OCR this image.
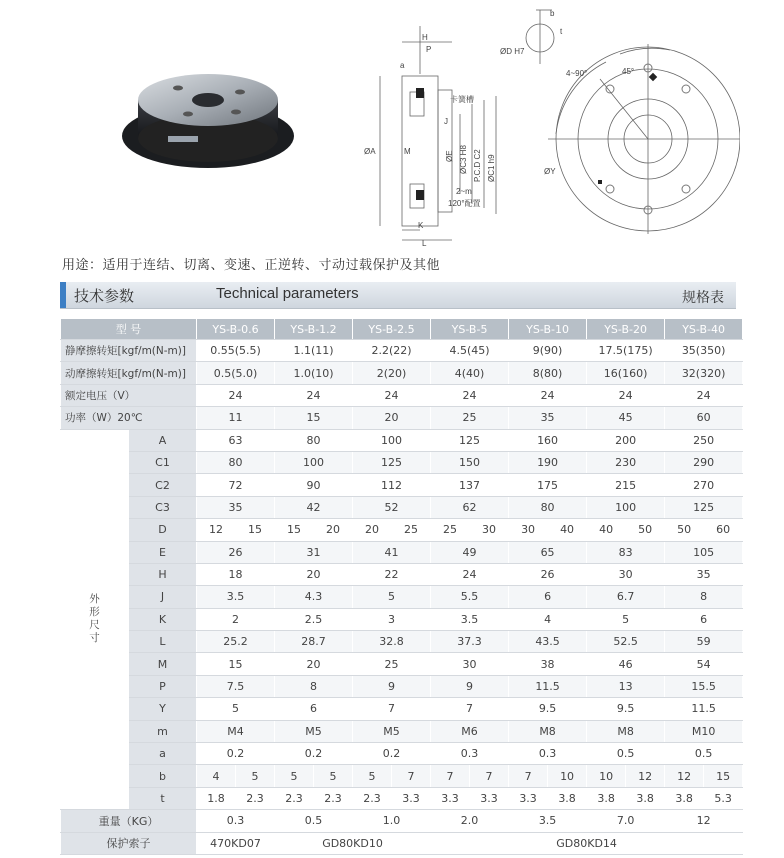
b
t
ØD H7
H
P
a
4~90°	45°
卡簧槽
J
ØA	ØE ØC3 H8 P.C.D C2 ØC1 h9
M
ØY
2~m
120°配置
K
L
用途：适用于连结、切离、变速、正逆转、寸动过载保护及其他
技术参数	Technical parameters	规格表
型 号		YS-B-0.6		YS-B-1.2		YS-B-2.5		YS-B-5		YS-B-10		YS-B-20		YS-B-40	
静摩擦转矩[kgf/m(N-m)]		0.55(5.5)		1.1(11)		2.2(22)		4.5(45)		9(90)		17.5(175)		35(350)	
动摩擦转矩[kgf/m(N-m)]		0.5(5.0)		1.0(10)		2(20)		4(40)		8(80)		16(160)		32(320)	
额定电压（V）		24		24		24		24		24		24		24	
功率（W）20℃		11		15		20		25		35		45		60	

外
形
尺
寸	A	63		80		100		125		160		200		250	
	C1	80		100		125		150		190		230		290	
	C2	72		90		112		137		175		215		270	
	C3	35		42		52		62		80		100		125	
	D	12	15	15	20	20	25	25	30	30	40	40	50	50	60
	E	26		31		41		49		65		83		105	
	H	18		20		22		24		26		30		35	
	J	3.5		4.3		5		5.5		6		6.7		8	
	K	2		2.5		3		3.5		4		5		6	
	L	25.2		28.7		32.8		37.3		43.5		52.5		59	
	M	15		20		25		30		38		46		54	
	P	7.5		8		9		9		11.5		13		15.5	
	Y	5		6		7		7		9.5		9.5		11.5	
	m	M4		M5		M5		M6		M8		M8		M10	
	a	0.2		0.2		0.2		0.3		0.3		0.5		0.5	
	b	4	5	5	5	5	7	7	7	7	10	10	12	12	15
	t	1.8	2.3	2.3	2.3	2.3	3.3	3.3	3.3	3.3	3.8	3.8	3.8	3.8	5.3
重量（KG）		0.3		0.5		1.0		2.0		3.5		7.0		12	
保护索子		470KD07		GD80KD10				GD80KD14							
